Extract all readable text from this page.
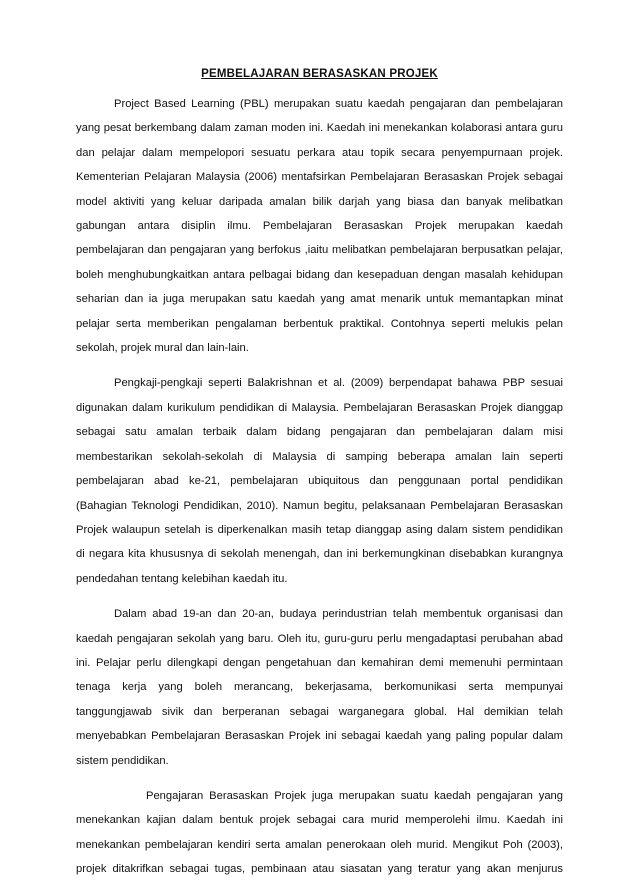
PEMBELAJARAN BERASASKAN PROJEK
Project Based Learning (PBL) merupakan suatu kaedah pengajaran dan pembelajaran
yang pesat berkembang dalam zaman moden ini. Kaedah ini menekankan kolaborasi antara guru
dan pelajar dalam mempelopori sesuatu perkara atau topik secara penyempurnaan projek.
Kementerian Pelajaran Malaysia (2006) mentafsirkan Pembelajaran Berasaskan Projek sebagai
model aktiviti yang keluar daripada amalan bilik darjah yang biasa dan banyak melibatkan
gabungan antara disiplin ilmu. Pembelajaran Berasaskan Projek merupakan kaedah
pembelajaran dan pengajaran yang berfokus ,iaitu melibatkan pembelajaran berpusatkan pelajar,
boleh menghubungkaitkan antara pelbagai bidang dan kesepaduan dengan masalah kehidupan
seharian dan ia juga merupakan satu kaedah yang amat menarik untuk memantapkan minat
pelajar serta memberikan pengalaman berbentuk praktikal. Contohnya seperti melukis pelan
sekolah, projek mural dan lain-lain.
Pengkaji-pengkaji seperti Balakrishnan et al. (2009) berpendapat bahawa PBP sesuai
digunakan dalam kurikulum pendidikan di Malaysia. Pembelajaran Berasaskan Projek dianggap
sebagai satu amalan terbaik dalam bidang pengajaran dan pembelajaran dalam misi
membestarikan sekolah-sekolah di Malaysia di samping beberapa amalan lain seperti
pembelajaran abad ke-21, pembelajaran ubiquitous dan penggunaan portal pendidikan
(Bahagian Teknologi Pendidikan, 2010). Namun begitu, pelaksanaan Pembelajaran Berasaskan
Projek walaupun setelah is diperkenalkan masih tetap dianggap asing dalam sistem pendidikan
di negara kita khususnya di sekolah menengah, dan ini berkemungkinan disebabkan kurangnya
pendedahan tentang kelebihan kaedah itu.
Dalam abad 19-an dan 20-an, budaya perindustrian telah membentuk organisasi dan
kaedah pengajaran sekolah yang baru. Oleh itu, guru-guru perlu mengadaptasi perubahan abad
ini. Pelajar perlu dilengkapi dengan pengetahuan dan kemahiran demi memenuhi permintaan
tenaga kerja yang boleh merancang, bekerjasama, berkomunikasi serta mempunyai
tanggungjawab sivik dan berperanan sebagai warganegara global. Hal demikian telah
menyebabkan Pembelajaran Berasaskan Projek ini sebagai kaedah yang paling popular dalam
sistem pendidikan.
Pengajaran Berasaskan Projek juga merupakan suatu kaedah pengajaran yang
menekankan kajian dalam bentuk projek sebagai cara murid memperolehi ilmu. Kaedah ini
menekankan pembelajaran kendiri serta amalan penerokaan oleh murid. Mengikut Poh (2003),
projek ditakrifkan sebagai tugas, pembinaan atau siasatan yang teratur yang akan menjurus
